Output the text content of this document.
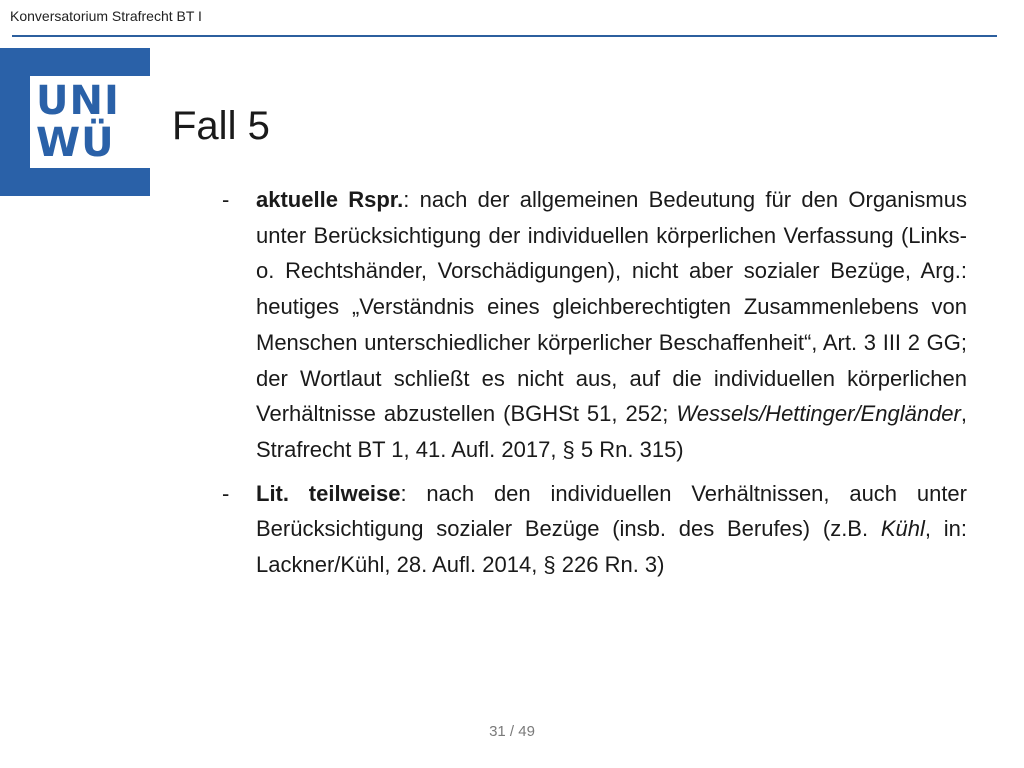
Konversatorium Strafrecht BT I
UNI
WÜ Fall 5
- aktuelle Rspr.: nach der allgemeinen Bedeutung für den Organismus unter Berücksichtigung der individuellen körperlichen Verfassung (Links- o. Rechtshänder, Vorschädigungen), nicht aber sozialer Bezüge, Arg.: heutiges „Verständnis eines gleichberechtigten Zusammenlebens von Menschen unterschiedlicher körperlicher Beschaffenheit“, Art. 3 III 2 GG; der Wortlaut schließt es nicht aus, auf die individuellen körperlichen Verhältnisse abzustellen (BGHSt 51, 252; Wessels/Hettinger/Engländer, Strafrecht BT 1, 41. Aufl. 2017, § 5 Rn. 315)
- Lit. teilweise: nach den individuellen Verhältnissen, auch unter Berücksichtigung sozialer Bezüge (insb. des Berufes) (z.B. Kühl, in: Lackner/Kühl, 28. Aufl. 2014, § 226 Rn. 3)
31 / 49
